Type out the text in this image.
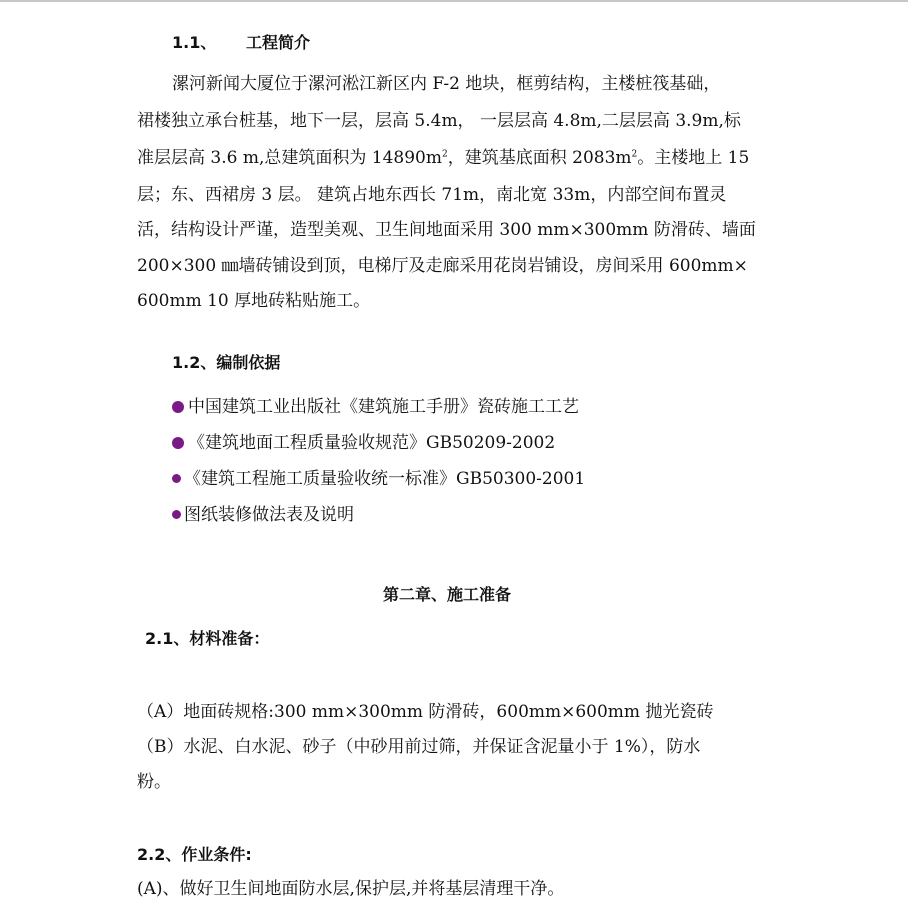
1.1、 工程简介
漯河新闻大厦位于漯河淞江新区内 F-2 地块，框剪结构，主楼桩筏基础，
裙楼独立承台桩基，地下一层，层高 5.4m， 一层层高 4.8m,二层层高 3.9m,标
准层层高 3.6 m,总建筑面积为 $14890m^2$，建筑基底面积 $2083m^2$。主楼地上 15
层；东、西裙房 3 层。 建筑占地东西长 71m，南北宽 33m，内部空间布置灵
活，结构设计严谨，造型美观、卫生间地面采用 300 mm×300mm 防滑砖、墙面
200×300 ㎜墙砖铺设到顶，电梯厅及走廊采用花岗岩铺设，房间采用 600mm×
600mm 10 厚地砖粘贴施工。
1.2、编制依据
中国建筑工业出版社《建筑施工手册》瓷砖施工工艺
《建筑地面工程质量验收规范》GB50209-2002
《建筑工程施工质量验收统一标准》GB50300-2001
图纸装修做法表及说明
第二章、施工准备
2.1、材料准备：
（A）地面砖规格:300 mm×300mm 防滑砖，600mm×600mm 抛光瓷砖
（B）水泥、白水泥、砂子（中砂用前过筛，并保证含泥量小于 1%），防水
粉。
2.2、作业条件:
(A)、做好卫生间地面防水层,保护层,并将基层清理干净。
